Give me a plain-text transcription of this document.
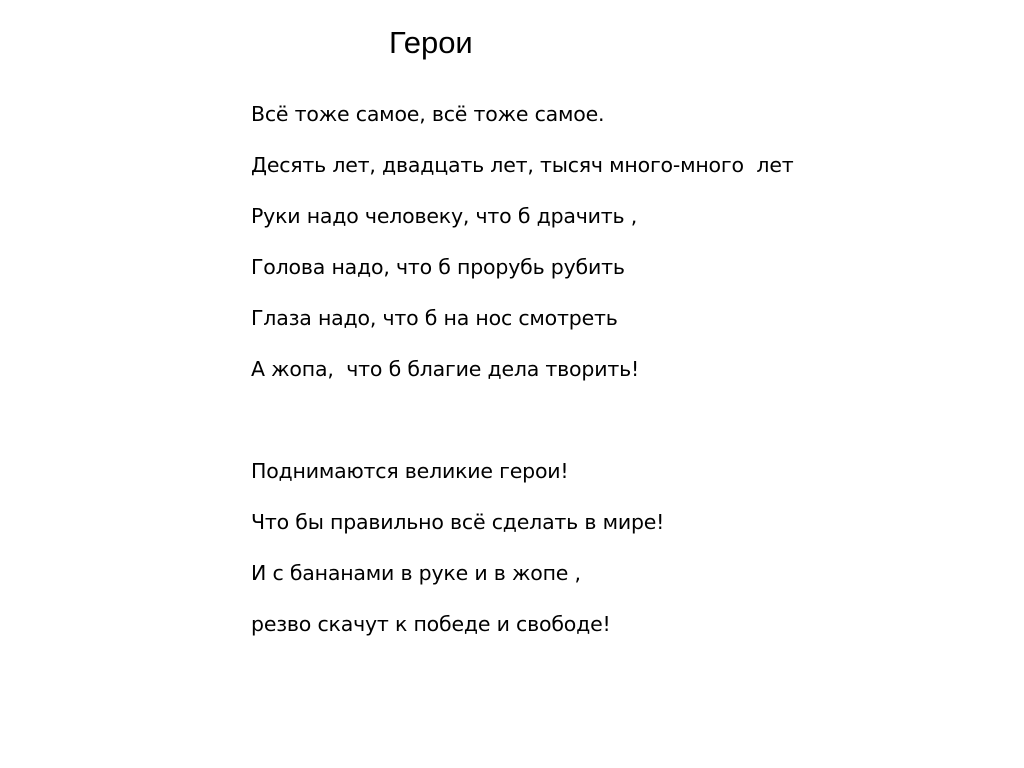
Герои
Всё тоже самое, всё тоже самое.
Десять лет, двадцать лет, тысяч много-много  лет
Руки надо человеку, что б драчить ,
Голова надо, что б прорубь рубить
Глаза надо, что б на нос смотреть
А жопа,  что б благие дела творить!
Поднимаются великие герои!
Что бы правильно всё сделать в мире!
И с бананами в руке и в жопе ,
резво скачут к победе и свободе!
